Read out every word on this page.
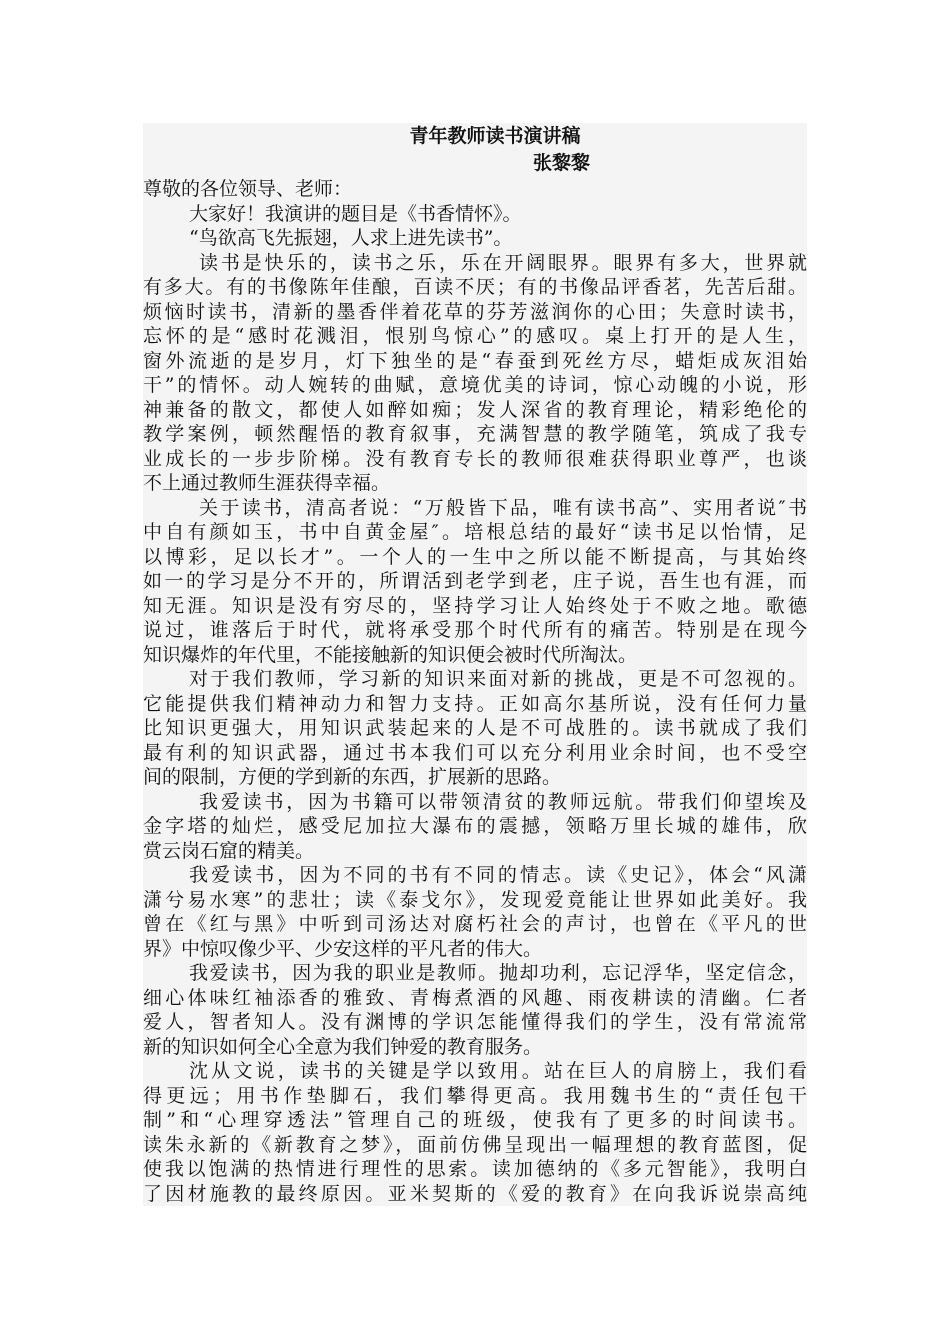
青年教师读书演讲稿
张黎黎
尊敬的各位领导、老师：
大家好！我演讲的题目是《书香情怀》。
“鸟欲高飞先振翅，人求上进先读书”。
读书是快乐的，读书之乐，乐在开阔眼界。眼界有多大，世界就
有多大。有的书像陈年佳酿，百读不厌；有的书像品评香茗，先苦后甜。
烦恼时读书，清新的墨香伴着花草的芬芳滋润你的心田；失意时读书，
忘怀的是“感时花溅泪，恨别鸟惊心”的感叹。桌上打开的是人生，
窗外流逝的是岁月，灯下独坐的是“春蚕到死丝方尽，蜡炬成灰泪始
干”的情怀。动人婉转的曲赋，意境优美的诗词，惊心动魄的小说，形
神兼备的散文，都使人如醉如痴；发人深省的教育理论，精彩绝伦的
教学案例，顿然醒悟的教育叙事，充满智慧的教学随笔，筑成了我专
业成长的一步步阶梯。没有教育专长的教师很难获得职业尊严，也谈
不上通过教师生涯获得幸福。
关于读书，清高者说：“万般皆下品，唯有读书高”、实用者说″书
中自有颜如玉，书中自黄金屋″。培根总结的最好“读书足以怡情，足
以博彩，足以长才”。一个人的一生中之所以能不断提高，与其始终
如一的学习是分不开的，所谓活到老学到老，庄子说，吾生也有涯，而
知无涯。知识是没有穷尽的，坚持学习让人始终处于不败之地。歌德
说过，谁落后于时代，就将承受那个时代所有的痛苦。特别是在现今
知识爆炸的年代里，不能接触新的知识便会被时代所淘汰。
对于我们教师，学习新的知识来面对新的挑战，更是不可忽视的。
它能提供我们精神动力和智力支持。正如高尔基所说，没有任何力量
比知识更强大，用知识武装起来的人是不可战胜的。读书就成了我们
最有利的知识武器，通过书本我们可以充分利用业余时间，也不受空
间的限制，方便的学到新的东西，扩展新的思路。
我爱读书，因为书籍可以带领清贫的教师远航。带我们仰望埃及
金字塔的灿烂，感受尼加拉大瀑布的震撼，领略万里长城的雄伟，欣
赏云岗石窟的精美。
我爱读书，因为不同的书有不同的情志。读《史记》，体会“风潇
潇兮易水寒”的悲壮；读《泰戈尔》，发现爱竟能让世界如此美好。我
曾在《红与黑》中听到司汤达对腐朽社会的声讨，也曾在《平凡的世
界》中惊叹像少平、少安这样的平凡者的伟大。
我爱读书，因为我的职业是教师。抛却功利，忘记浮华，坚定信念，
细心体味红袖添香的雅致、青梅煮酒的风趣、雨夜耕读的清幽。仁者
爱人，智者知人。没有渊博的学识怎能懂得我们的学生，没有常流常
新的知识如何全心全意为我们钟爱的教育服务。
沈从文说，读书的关键是学以致用。站在巨人的肩膀上，我们看
得更远；用书作垫脚石，我们攀得更高。我用魏书生的“责任包干
制”和“心理穿透法”管理自己的班级，使我有了更多的时间读书。
读朱永新的《新教育之梦》，面前仿佛呈现出一幅理想的教育蓝图，促
使我以饱满的热情进行理性的思索。读加德纳的《多元智能》，我明白
了因材施教的最终原因。亚米契斯的《爱的教育》在向我诉说崇高纯
